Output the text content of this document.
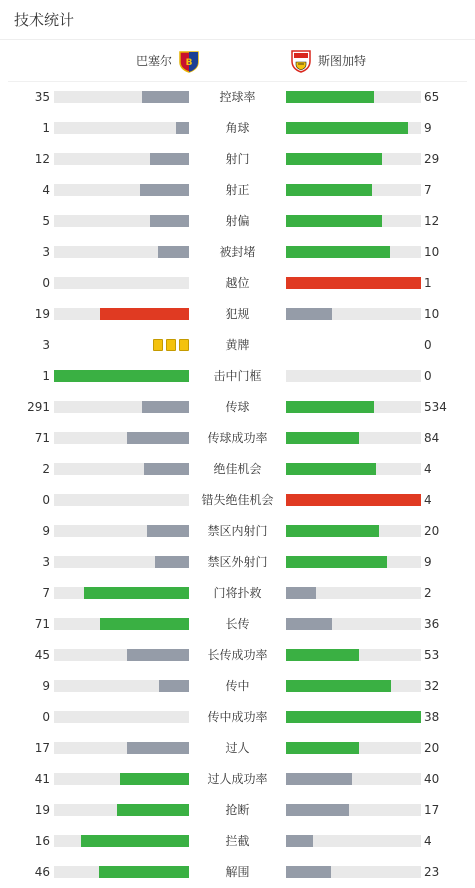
技术统计
巴塞尔 B	斯图加特
35	控球率	65
1	角球	9
12	射门	29
4	射正	7
5	射偏	12
3	被封堵	10
0	越位	1
19	犯规	10
3	黄牌	0
1	击中门框	0
291	传球	534
71	传球成功率	84
2	绝佳机会	4
0	错失绝佳机会	4
9	禁区内射门	20
3	禁区外射门	9
7	门将扑救	2
71	长传	36
45	长传成功率	53
9	传中	32
0	传中成功率	38
17	过人	20
41	过人成功率	40
19	抢断	17
16	拦截	4
46	解围	23
